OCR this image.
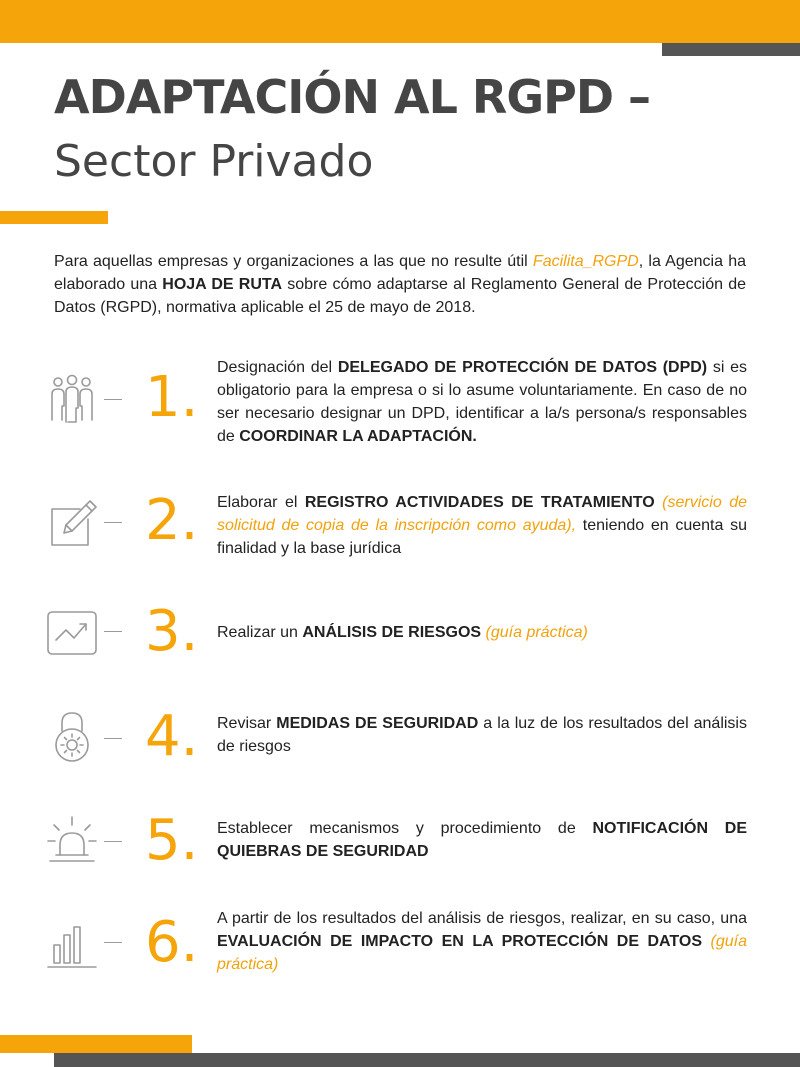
ADAPTACIÓN AL RGPD –
Sector Privado

Para aquellas empresas y organizaciones a las que no resulte útil Facilita_RGPD, la Agencia ha elaborado una HOJA DE RUTA sobre cómo adaptarse al Reglamento General de Protección de Datos (RGPD), normativa aplicable el 25 de mayo de 2018.

1.	Designación del DELEGADO DE PROTECCIÓN DE DATOS (DPD) si es obligatorio para la empresa o si lo asume voluntariamente. En caso de no ser necesario designar un DPD, identificar a la/s persona/s responsables de COORDINAR LA ADAPTACIÓN.

2.	Elaborar el REGISTRO ACTIVIDADES DE TRATAMIENTO (servicio de solicitud de copia de la inscripción como ayuda), teniendo en cuenta su finalidad y la base jurídica

3.	Realizar un ANÁLISIS DE RIESGOS (guía práctica)

4.	Revisar MEDIDAS DE SEGURIDAD a la luz de los resultados del análisis de riesgos

5.	Establecer mecanismos y procedimiento de NOTIFICACIÓN DE QUIEBRAS DE SEGURIDAD

6.	A partir de los resultados del análisis de riesgos, realizar, en su caso, una EVALUACIÓN DE IMPACTO EN LA PROTECCIÓN DE DATOS (guía práctica)
